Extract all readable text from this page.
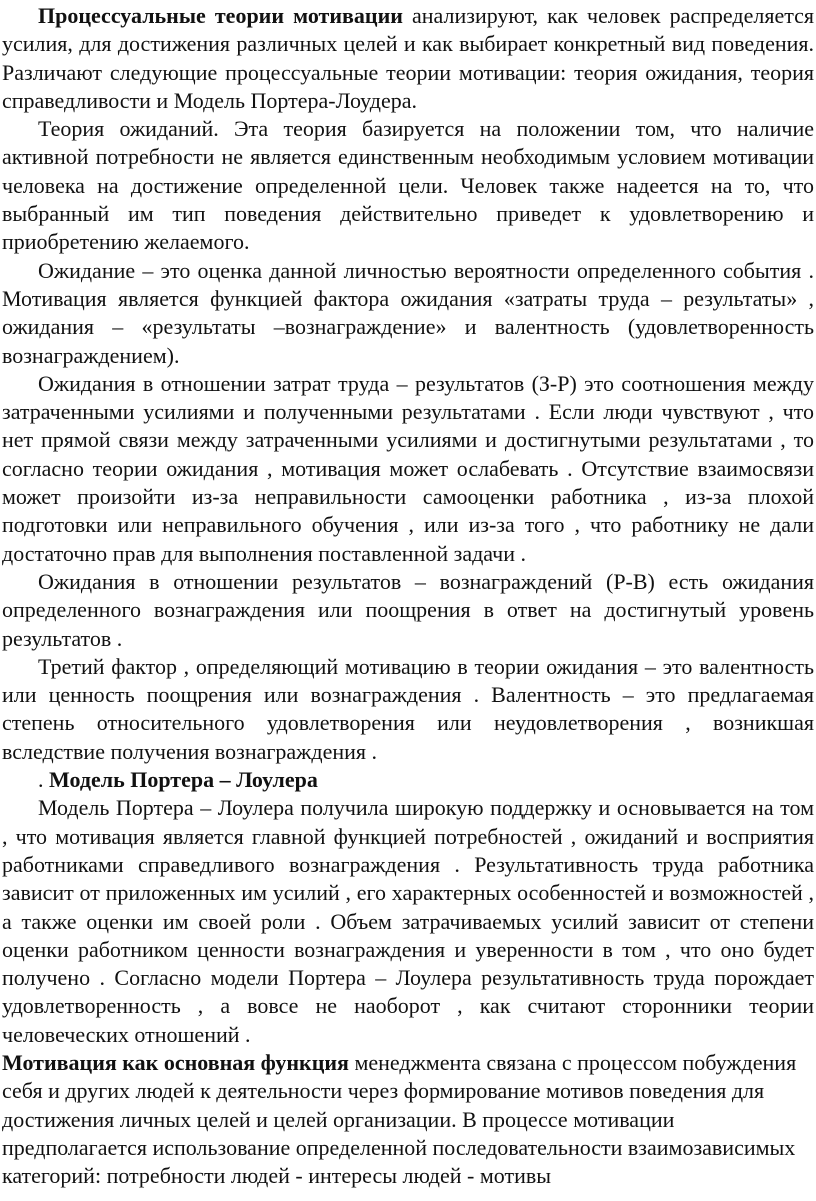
Процессуальные теории мотивации анализируют, как человек распределяется усилия, для достижения различных целей и как выбирает конкретный вид поведения. Различают следующие процессуальные теории мотивации: теория ожидания, теория справедливости и Модель Портера-Лоудера.

Теория ожиданий. Эта теория базируется на положении том, что наличие активной потребности не является единственным необходимым условием мотивации человека на достижение определенной цели. Человек также надеется на то, что выбранный им тип поведения действительно приведет к удовлетворению и приобретению желаемого.

Ожидание – это оценка данной личностью вероятности определенного события . Мотивация является функцией фактора ожидания «затраты труда – результаты» , ожидания – «результаты –вознаграждение» и валентность (удовлетворенность вознаграждением).

Ожидания в отношении затрат труда – результатов (З-Р) это соотношения между затраченными усилиями и полученными результатами . Если люди чувствуют , что нет прямой связи между затраченными усилиями и достигнутыми результатами , то согласно теории ожидания , мотивация может ослабевать . Отсутствие взаимосвязи может произойти из-за неправильности самооценки работника , из-за плохой подготовки или неправильного обучения , или из-за того , что работнику не дали достаточно прав для выполнения поставленной задачи .

Ожидания в отношении результатов – вознаграждений (Р-В) есть ожидания определенного вознаграждения или поощрения в ответ на достигнутый уровень результатов .

Третий фактор , определяющий мотивацию в теории ожидания – это валентность или ценность поощрения или вознаграждения . Валентность – это предлагаемая степень относительного удовлетворения или неудовлетворения , возникшая вследствие получения вознаграждения .

. Модель Портера – Лоулера

Модель Портера – Лоулера получила широкую поддержку и основывается на том , что мотивация является главной функцией потребностей , ожиданий и восприятия работниками справедливого вознаграждения . Результативность труда работника зависит от приложенных им усилий , его характерных особенностей и возможностей , а также оценки им своей роли . Объем затрачиваемых усилий зависит от степени оценки работником ценности вознаграждения и уверенности в том , что оно будет получено . Согласно модели Портера – Лоулера результативность труда порождает удовлетворенность , а вовсе не наоборот , как считают сторонники теории человеческих отношений .

Мотивация как основная функция менеджмента связана с процессом побуждения себя и других людей к деятельности через формирование мотивов поведения для достижения личных целей и целей организации. В процессе мотивации предполагается использование определенной последовательности взаимозависимых категорий: потребности людей - интересы людей - мотивы
